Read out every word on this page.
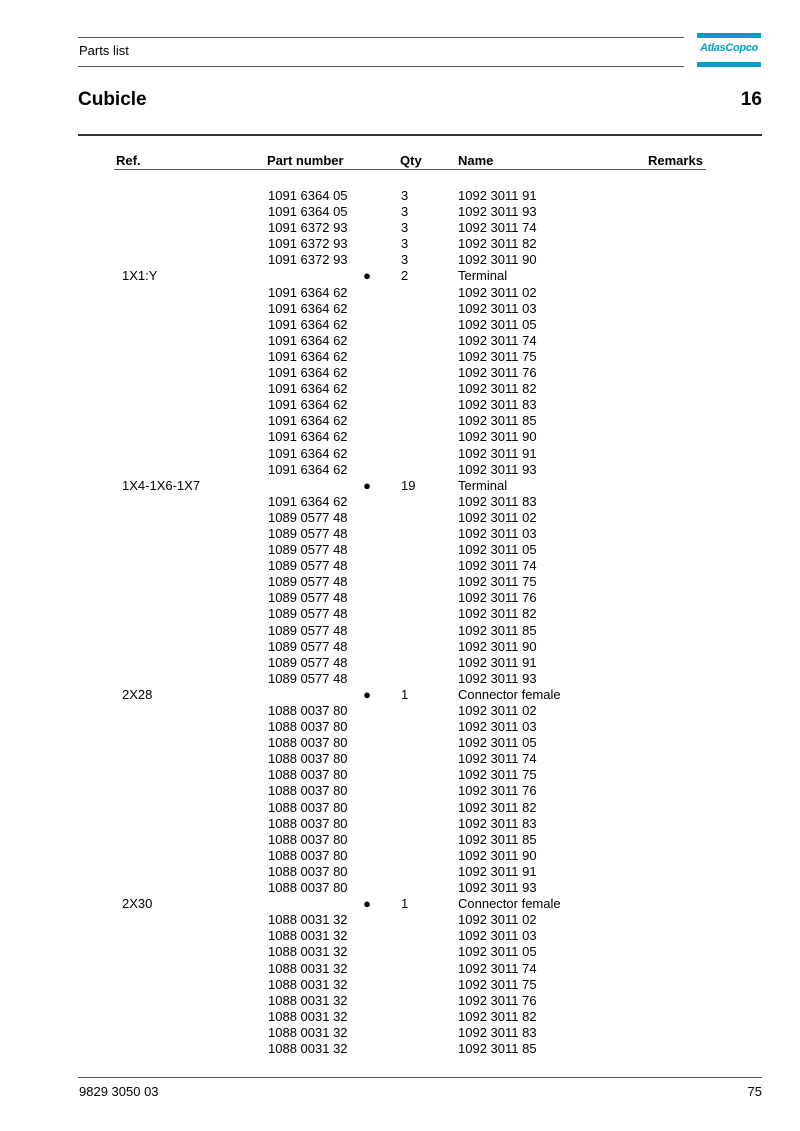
Parts list	AtlasCopco
Cubicle	16
Ref.	Part number	Qty	Name	Remarks
1091 6364 05	3	1092 3011 91
1091 6364 05	3	1092 3011 93
1091 6372 93	3	1092 3011 74
1091 6372 93	3	1092 3011 82
1091 6372 93	3	1092 3011 90
1X1:Y	● 2	Terminal
1091 6364 62	1092 3011 02
1091 6364 62	1092 3011 03
1091 6364 62	1092 3011 05
1091 6364 62	1092 3011 74
1091 6364 62	1092 3011 75
1091 6364 62	1092 3011 76
1091 6364 62	1092 3011 82
1091 6364 62	1092 3011 83
1091 6364 62	1092 3011 85
1091 6364 62	1092 3011 90
1091 6364 62	1092 3011 91
1091 6364 62	1092 3011 93
1X4-1X6-1X7	● 19	Terminal
1091 6364 62	1092 3011 83
1089 0577 48	1092 3011 02
1089 0577 48	1092 3011 03
1089 0577 48	1092 3011 05
1089 0577 48	1092 3011 74
1089 0577 48	1092 3011 75
1089 0577 48	1092 3011 76
1089 0577 48	1092 3011 82
1089 0577 48	1092 3011 85
1089 0577 48	1092 3011 90
1089 0577 48	1092 3011 91
1089 0577 48	1092 3011 93
2X28	● 1	Connector female
1088 0037 80	1092 3011 02
1088 0037 80	1092 3011 03
1088 0037 80	1092 3011 05
1088 0037 80	1092 3011 74
1088 0037 80	1092 3011 75
1088 0037 80	1092 3011 76
1088 0037 80	1092 3011 82
1088 0037 80	1092 3011 83
1088 0037 80	1092 3011 85
1088 0037 80	1092 3011 90
1088 0037 80	1092 3011 91
1088 0037 80	1092 3011 93
2X30	● 1	Connector female
1088 0031 32	1092 3011 02
1088 0031 32	1092 3011 03
1088 0031 32	1092 3011 05
1088 0031 32	1092 3011 74
1088 0031 32	1092 3011 75
1088 0031 32	1092 3011 76
1088 0031 32	1092 3011 82
1088 0031 32	1092 3011 83
1088 0031 32	1092 3011 85
9829 3050 03	75
